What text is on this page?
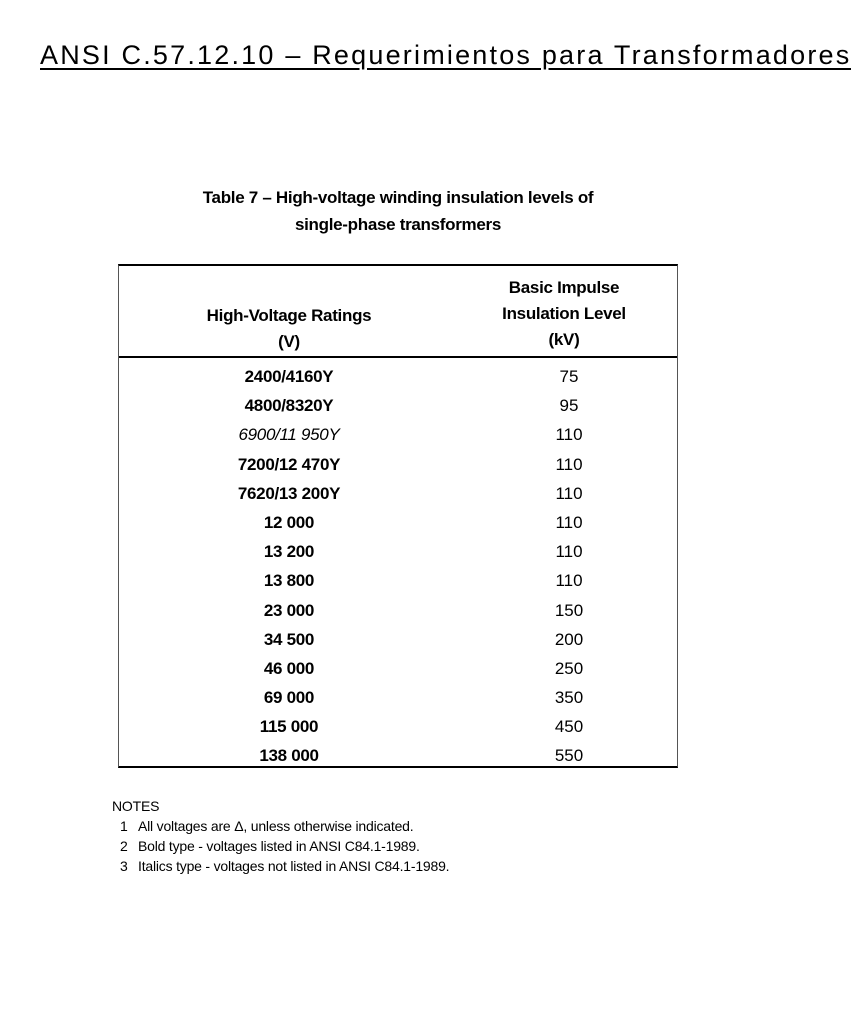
ANSI C.57.12.10 – Requerimientos para Transformadores
Table 7 – High-voltage winding insulation levels of
single-phase transformers
High-Voltage Ratings
(V)
Basic Impulse
Insulation Level
(kV)
2400/4160Y	75
4800/8320Y	95
6900/11 950Y	110
7200/12 470Y	110
7620/13 200Y	110
12 000	110
13 200	110
13 800	110
23 000	150
34 500	200
46 000	250
69 000	350
115 000	450
138 000	550
NOTES
1 All voltages are Δ, unless otherwise indicated.
2 Bold type - voltages listed in ANSI C84.1-1989.
3 Italics type - voltages not listed in ANSI C84.1-1989.
